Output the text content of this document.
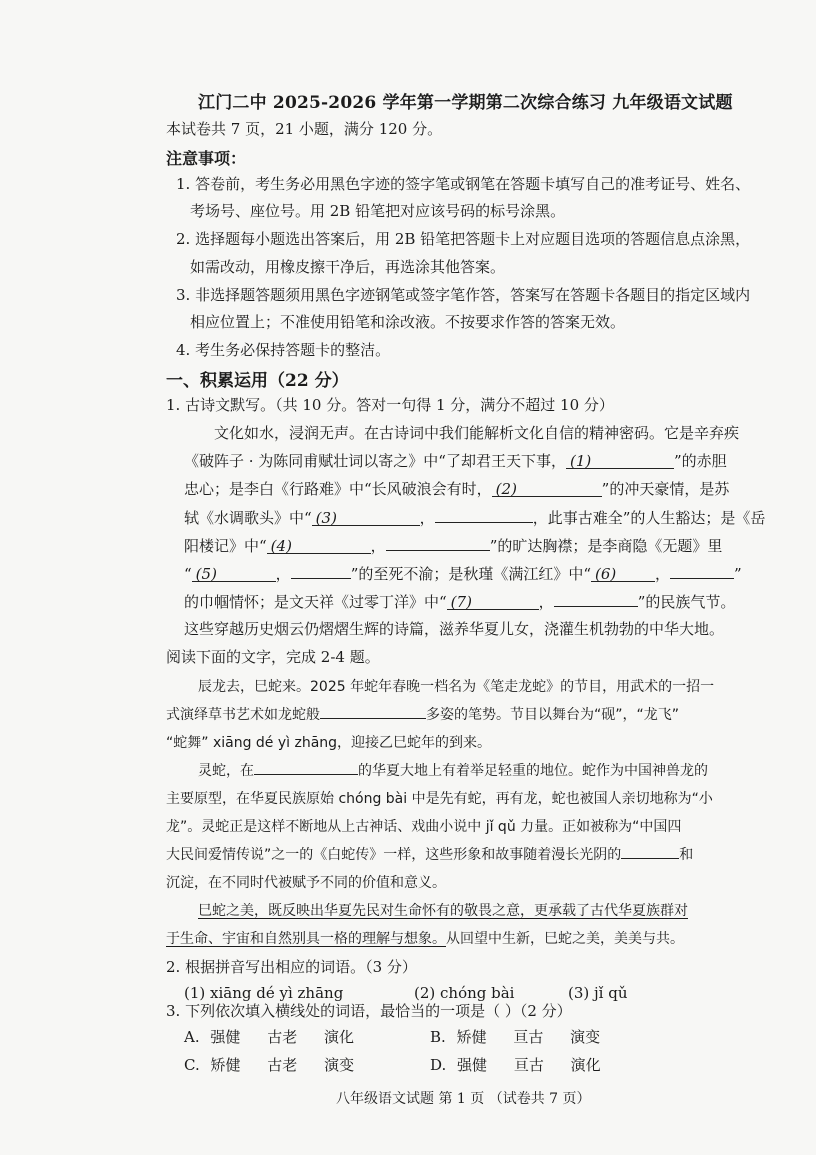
江门二中 2025-2026 学年第一学期第二次综合练习 九年级语文试题
本试卷共 7 页，21 小题，满分 120 分。
注意事项：
1. 答卷前，考生务必用黑色字迹的签字笔或钢笔在答题卡填写自己的准考证号、姓名、
考场号、座位号。用 2B 铅笔把对应该号码的标号涂黑。
2. 选择题每小题选出答案后，用 2B 铅笔把答题卡上对应题目选项的答题信息点涂黑，
如需改动，用橡皮擦干净后，再选涂其他答案。
3. 非选择题答题须用黑色字迹钢笔或签字笔作答，答案写在答题卡各题目的指定区域内
相应位置上；不准使用铅笔和涂改液。不按要求作答的答案无效。
4. 考生务必保持答题卡的整洁。
一、积累运用（22 分）
1. 古诗文默写。（共 10 分。答对一句得 1 分，满分不超过 10 分）
文化如水，浸润无声。在古诗词中我们能解析文化自信的精神密码。它是辛弃疾
《破阵子 · 为陈同甫赋壮词以寄之》中“了却君王天下事， (1)	”的赤胆
忠心；是李白《行路难》中“长风破浪会有时， (2)	”的冲天豪情，是苏
轼《水调歌头》中“ (3)	，	，此事古难全”的人生豁达；是《岳
阳楼记》中“ (4)	，	”的旷达胸襟；是李商隐《无题》里
“ (5)	，	”的至死不渝；是秋瑾《满江红》中“ (6)	，	”
的巾帼情怀；是文天祥《过零丁洋》中“ (7)	，	”的民族气节。
这些穿越历史烟云仍熠熠生辉的诗篇，滋养华夏儿女，浇灌生机勃勃的中华大地。
阅读下面的文字，完成 2-4 题。
辰龙去，巳蛇来。2025 年蛇年春晚一档名为《笔走龙蛇》的节目，用武术的一招一
式演绎草书艺术如龙蛇般	多姿的笔势。节目以舞台为“砚”，“龙飞”
“蛇舞” xiāng dé yì zhāng，迎接乙巳蛇年的到来。
灵蛇，在	的华夏大地上有着举足轻重的地位。蛇作为中国神兽龙的
主要原型，在华夏民族原始 chóng bài 中是先有蛇，再有龙，蛇也被国人亲切地称为“小
龙”。灵蛇正是这样不断地从上古神话、戏曲小说中 jǐ qǔ 力量。正如被称为“中国四
大民间爱情传说”之一的《白蛇传》一样，这些形象和故事随着漫长光阴的	和
沉淀，在不同时代被赋予不同的价值和意义。
巳蛇之美，既反映出华夏先民对生命怀有的敬畏之意，更承载了古代华夏族群对
于生命、宇宙和自然别具一格的理解与想象。从回望中生新，巳蛇之美，美美与共。
2. 根据拼音写出相应的词语。（3 分）
(1) xiāng dé yì zhāng	(2) chóng bài	(3) jǐ qǔ
3. 下列依次填入横线处的词语，最恰当的一项是（ ）（2 分）
A. 强健 古老 演化	B. 矫健 亘古 演变
八年级语文试题 第 1 页 （试卷共 7 页）
C. 矫健 古老 演变	D. 强健 亘古 演化
